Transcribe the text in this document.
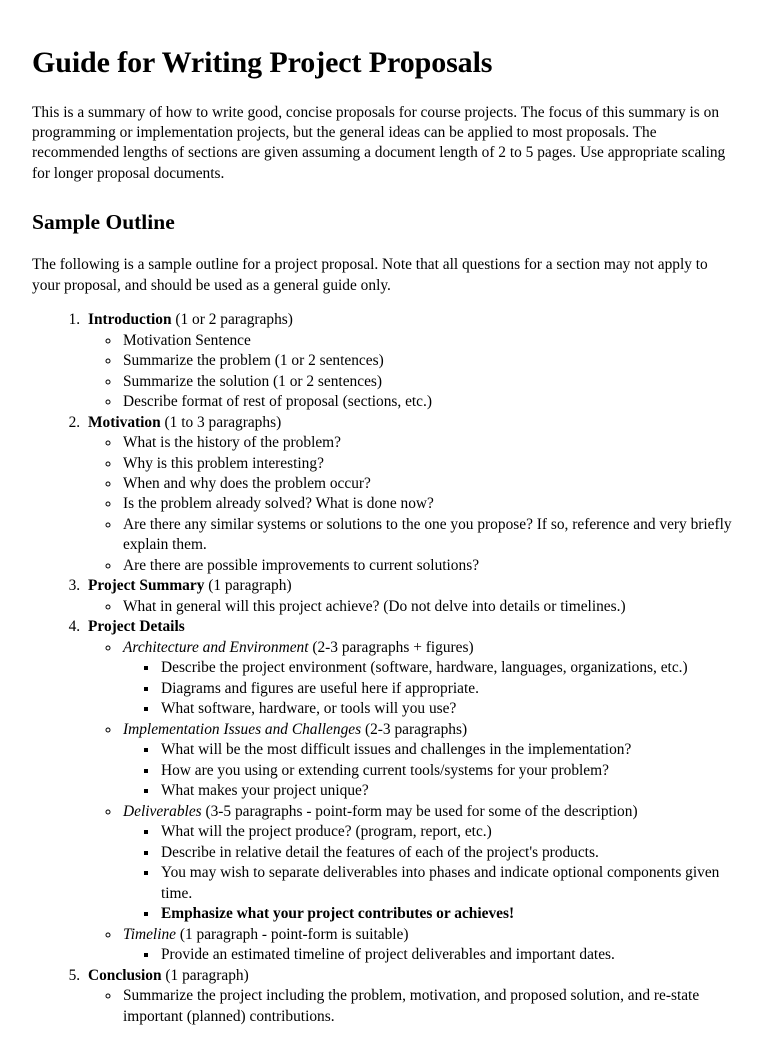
Guide for Writing Project Proposals

This is a summary of how to write good, concise proposals for course projects. The focus of this summary is on programming or implementation projects, but the general ideas can be applied to most proposals. The recommended lengths of sections are given assuming a document length of 2 to 5 pages. Use appropriate scaling for longer proposal documents.

Sample Outline

The following is a sample outline for a project proposal. Note that all questions for a section may not apply to your proposal, and should be used as a general guide only.

1. Introduction (1 or 2 paragraphs)
◦ Motivation Sentence
◦ Summarize the problem (1 or 2 sentences)
◦ Summarize the solution (1 or 2 sentences)
◦ Describe format of rest of proposal (sections, etc.)
2. Motivation (1 to 3 paragraphs)
◦ What is the history of the problem?
◦ Why is this problem interesting?
◦ When and why does the problem occur?
◦ Is the problem already solved? What is done now?
◦ Are there any similar systems or solutions to the one you propose? If so, reference and very briefly explain them.
◦ Are there are possible improvements to current solutions?
3. Project Summary (1 paragraph)
◦ What in general will this project achieve? (Do not delve into details or timelines.)
4. Project Details
◦ Architecture and Environment (2-3 paragraphs + figures)
▪ Describe the project environment (software, hardware, languages, organizations, etc.)
▪ Diagrams and figures are useful here if appropriate.
▪ What software, hardware, or tools will you use?
◦ Implementation Issues and Challenges (2-3 paragraphs)
▪ What will be the most difficult issues and challenges in the implementation?
▪ How are you using or extending current tools/systems for your problem?
▪ What makes your project unique?
◦ Deliverables (3-5 paragraphs - point-form may be used for some of the description)
▪ What will the project produce? (program, report, etc.)
▪ Describe in relative detail the features of each of the project's products.
▪ You may wish to separate deliverables into phases and indicate optional components given time.
▪ Emphasize what your project contributes or achieves!
◦ Timeline (1 paragraph - point-form is suitable)
▪ Provide an estimated timeline of project deliverables and important dates.
5. Conclusion (1 paragraph)
◦ Summarize the project including the problem, motivation, and proposed solution, and re-state important (planned) contributions.
